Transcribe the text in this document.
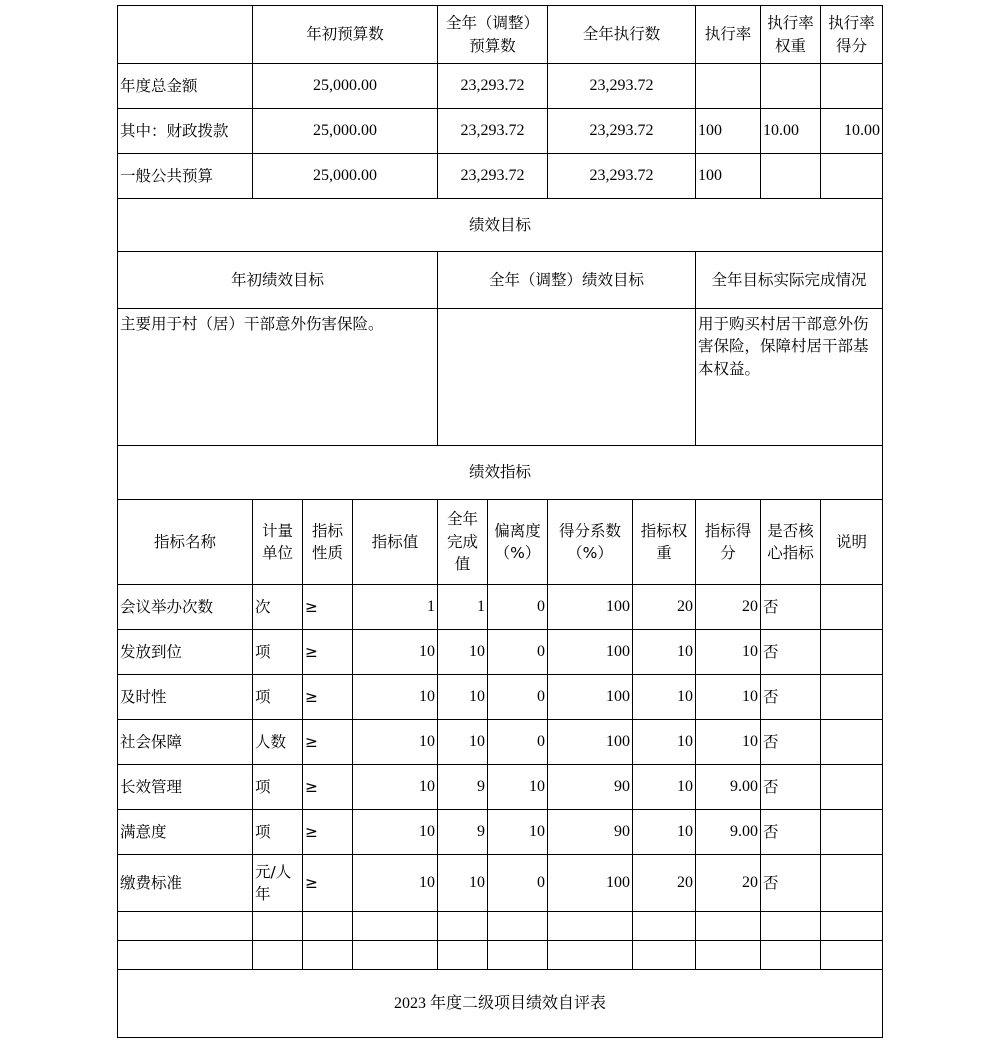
	年初预算数			全年（调整）预算数		全年执行数		执行率	执行率权重	执行率得分
年度总金额	25,000.00			23,293.72		23,293.72				
其中：财政拨款	25,000.00			23,293.72		23,293.72		100	10.00	10.00
一般公共预算	25,000.00			23,293.72		23,293.72		100		
绩效目标										
年初绩效目标				全年（调整）绩效目标				全年目标实际完成情况		
主要用于村（居）干部意外伤害保险。								用于购买村居干部意外伤害保险，保障村居干部基本权益。		
绩效指标										
指标名称	计量单位	指标性质	指标值	全年完成值	偏离度（%）	得分系数（%）	指标权重	指标得分	是否核心指标	说明
会议举办次数	次	≥	1	1	0	100	20	20	否	
发放到位	项	≥	10	10	0	100	10	10	否	
及时性	项	≥	10	10	0	100	10	10	否	
社会保障	人数	≥	10	10	0	100	10	10	否	
长效管理	项	≥	10	9	10	90	10	9.00	否	
满意度	项	≥	10	9	10	90	10	9.00	否	
缴费标准	元/人年	≥	10	10	0	100	20	20	否	

2023 年度二级项目绩效自评表										
